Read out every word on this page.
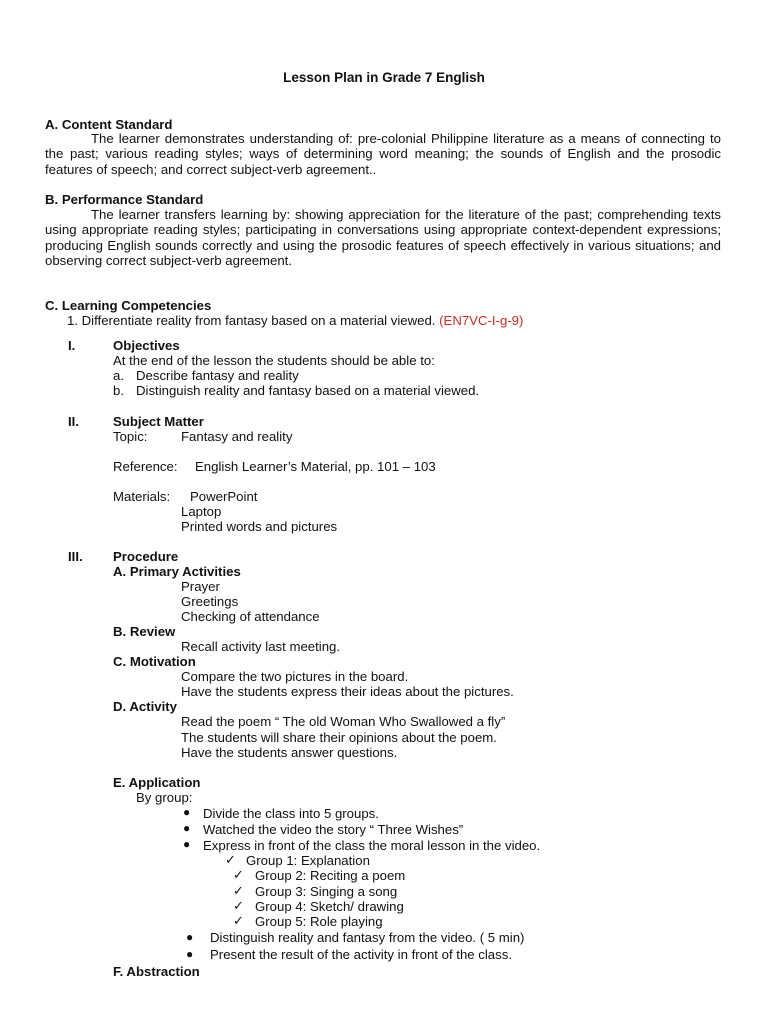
Lesson Plan in Grade 7 English
A. Content Standard
The learner demonstrates understanding of: pre-colonial Philippine literature as a means of connecting to the past; various reading styles; ways of determining word meaning; the sounds of English and the prosodic features of speech; and correct subject-verb agreement..
B. Performance Standard
The learner transfers learning by: showing appreciation for the literature of the past; comprehending texts using appropriate reading styles; participating in conversations using appropriate context-dependent expressions; producing English sounds correctly and using the prosodic features of speech effectively in various situations; and observing correct subject-verb agreement.
C. Learning Competencies
1. Differentiate reality from fantasy based on a material viewed. (EN7VC-I-g-9)
I.	Objectives
At the end of the lesson the students should be able to:
a. Describe fantasy and reality
b. Distinguish reality and fantasy based on a material viewed.
II.	Subject Matter
Topic:	Fantasy and reality
Reference: English Learner’s Material, pp. 101 – 103
Materials: PowerPoint
Laptop
Printed words and pictures
III. Procedure
A. Primary Activities
Prayer
Greetings
Checking of attendance
B. Review
Recall activity last meeting.
C. Motivation
Compare the two pictures in the board.
Have the students express their ideas about the pictures.
D. Activity
Read the poem “ The old Woman Who Swallowed a fly”
The students will share their opinions about the poem.
Have the students answer questions.
E. Application
By group:
● Divide the class into 5 groups.
● Watched the video the story “ Three Wishes”
● Express in front of the class the moral lesson in the video.
✓ Group 1: Explanation
✓ Group 2: Reciting a poem
✓ Group 3: Singing a song
✓ Group 4: Sketch/ drawing
✓ Group 5: Role playing
● Distinguish reality and fantasy from the video. ( 5 min)
● Present the result of the activity in front of the class.
F. Abstraction
